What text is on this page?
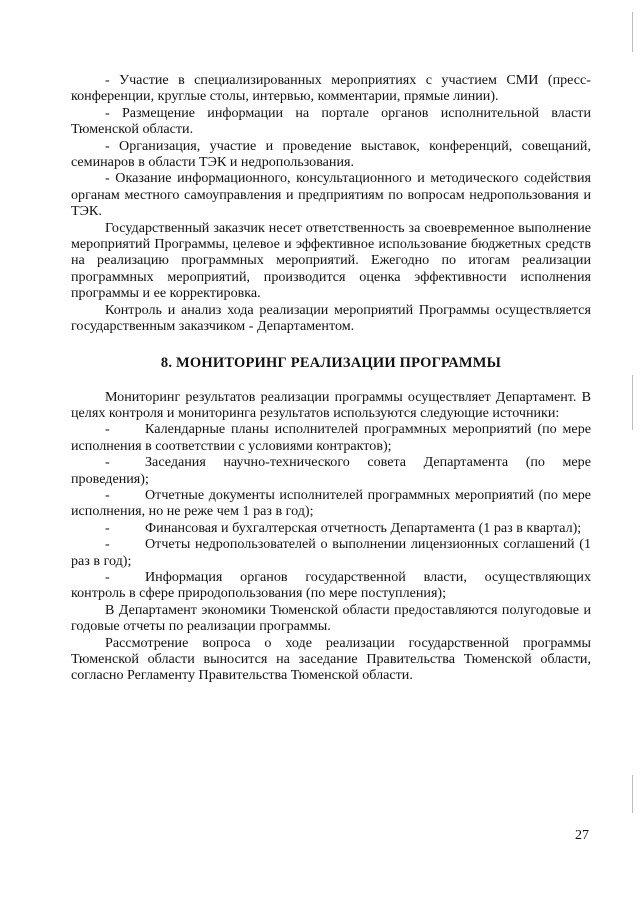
- Участие в специализированных мероприятиях с участием СМИ (пресс-конференции, круглые столы, интервью, комментарии, прямые линии).

- Размещение информации на портале органов исполнительной власти Тюменской области.

- Организация, участие и проведение выставок, конференций, совещаний, семинаров в области ТЭК и недропользования.

- Оказание информационного, консультационного и методического содействия органам местного самоуправления и предприятиям по вопросам недропользования и ТЭК.

Государственный заказчик несет ответственность за своевременное выполнение мероприятий Программы, целевое и эффективное использование бюджетных средств на реализацию программных мероприятий. Ежегодно по итогам реализации программных мероприятий, производится оценка эффективности исполнения программы и ее корректировка.

Контроль и анализ хода реализации мероприятий Программы осуществляется государственным заказчиком - Департаментом.

8. МОНИТОРИНГ РЕАЛИЗАЦИИ ПРОГРАММЫ

Мониторинг результатов реализации программы осуществляет Департамент. В целях контроля и мониторинга результатов используются следующие источники:

-	Календарные планы исполнителей программных мероприятий (по мере исполнения в соответствии с условиями контрактов);

-	Заседания научно-технического совета Департамента (по мере проведения);

-	Отчетные документы исполнителей программных мероприятий (по мере исполнения, но не реже чем 1 раз в год);

-	Финансовая и бухгалтерская отчетность Департамента (1 раз в квартал);

-	Отчеты недропользователей о выполнении лицензионных соглашений (1 раз в год);

-	Информация органов государственной власти, осуществляющих контроль в сфере природопользования (по мере поступления);

В Департамент экономики Тюменской области предоставляются полугодовые и годовые отчеты по реализации программы.

Рассмотрение вопроса о ходе реализации государственной программы Тюменской области выносится на заседание Правительства Тюменской области, согласно Регламенту Правительства Тюменской области.

27
